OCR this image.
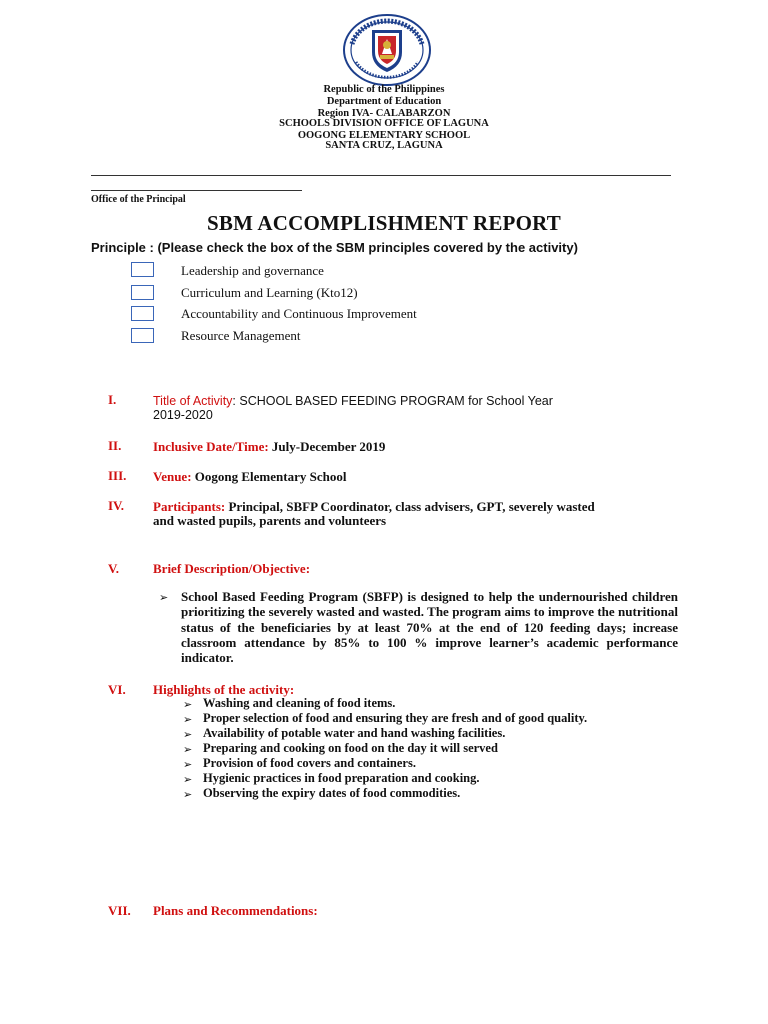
Republic of the Philippines
Department of Education
Region IVA- CALABARZON
SCHOOLS DIVISION OFFICE OF LAGUNA
OOGONG ELEMENTARY SCHOOL
SANTA CRUZ, LAGUNA
Office of the Principal
SBM ACCOMPLISHMENT REPORT
Principle : (Please check the box of the SBM principles covered by the activity)
Leadership and governance
Curriculum and Learning (Kto12)
Accountability and Continuous Improvement
Resource Management
I.	Title of Activity: SCHOOL BASED FEEDING PROGRAM for School Year
2019-2020
II. Inclusive Date/Time: July-December 2019
III. Venue: Oogong Elementary School
IV. Participants: Principal, SBFP Coordinator, class advisers, GPT, severely wasted
and wasted pupils, parents and volunteers
V.	Brief Description/Objective:
➢ School Based Feeding Program (SBFP) is designed to help the undernourished children prioritizing the severely wasted and wasted. The program aims to improve the nutritional status of the beneficiaries by at least 70% at the end of 120 feeding days; increase classroom attendance by 85% to 100 % improve learner’s academic performance indicator.
VI. Highlights of the activity:
➢ Washing and cleaning of food items.
➢ Proper selection of food and ensuring they are fresh and of good quality.
➢ Availability of potable water and hand washing facilities.
➢ Preparing and cooking on food on the day it will served
➢ Provision of food covers and containers.
➢ Hygienic practices in food preparation and cooking.
➢ Observing the expiry dates of food commodities.
VII. Plans and Recommendations:
